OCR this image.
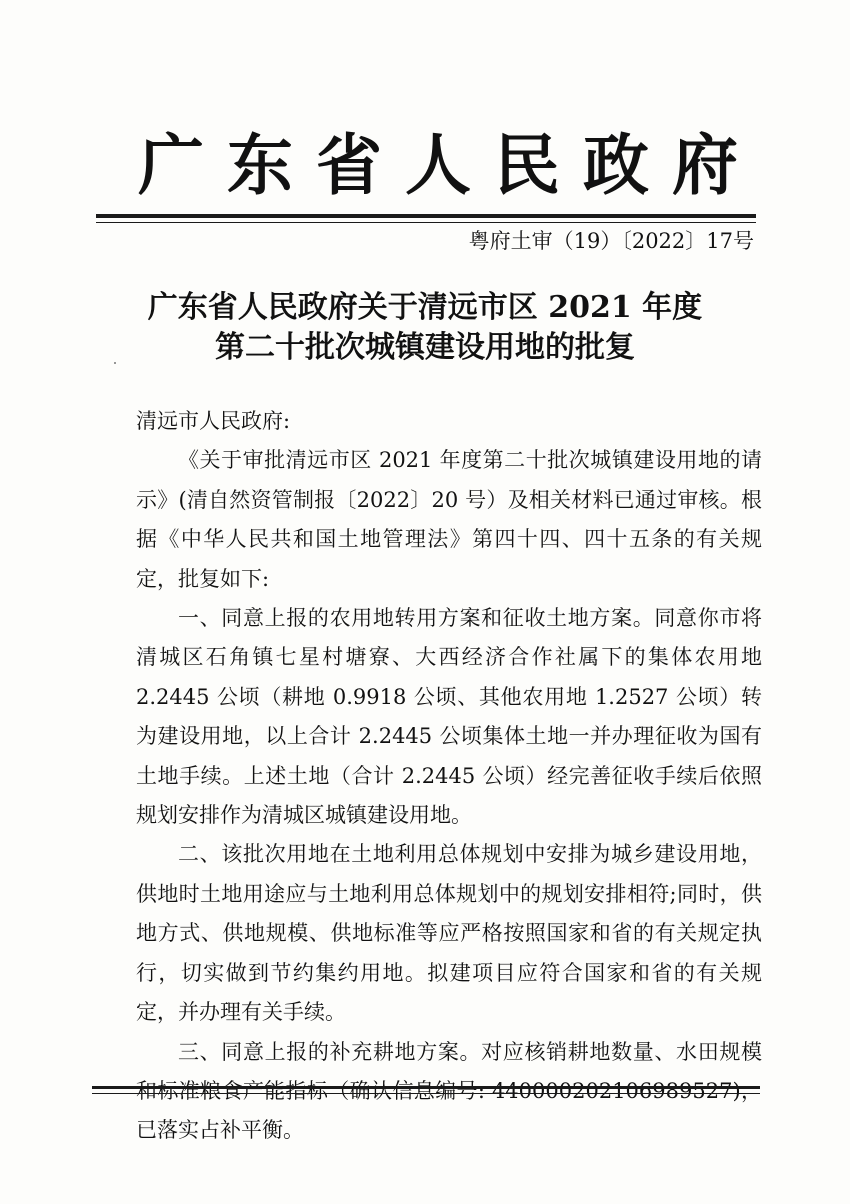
广 东 省 人 民 政 府
粤府土审（19）〔2022〕17号
广东省人民政府关于清远市区 2021 年度
第二十批次城镇建设用地的批复

清远市人民政府:

《关于审批清远市区 2021 年度第二十批次城镇建设用地的请示》(清自然资管制报〔2022〕20 号）及相关材料已通过审核。根据《中华人民共和国土地管理法》第四十四、四十五条的有关规定，批复如下:

一、同意上报的农用地转用方案和征收土地方案。同意你市将清城区石角镇七星村塘寮、大西经济合作社属下的集体农用地 2.2445 公顷（耕地 0.9918 公顷、其他农用地 1.2527 公顷）转为建设用地，以上合计 2.2445 公顷集体土地一并办理征收为国有土地手续。上述土地（合计 2.2445 公顷）经完善征收手续后依照规划安排作为清城区城镇建设用地。

二、该批次用地在土地利用总体规划中安排为城乡建设用地，供地时土地用途应与土地利用总体规划中的规划安排相符;同时，供地方式、供地规模、供地标准等应严格按照国家和省的有关规定执行，切实做到节约集约用地。拟建项目应符合国家和省的有关规定，并办理有关手续。

三、同意上报的补充耕地方案。对应核销耕地数量、水田规模和标准粮食产能指标（确认信息编号: 440000202106989527)，已落实占补平衡。
